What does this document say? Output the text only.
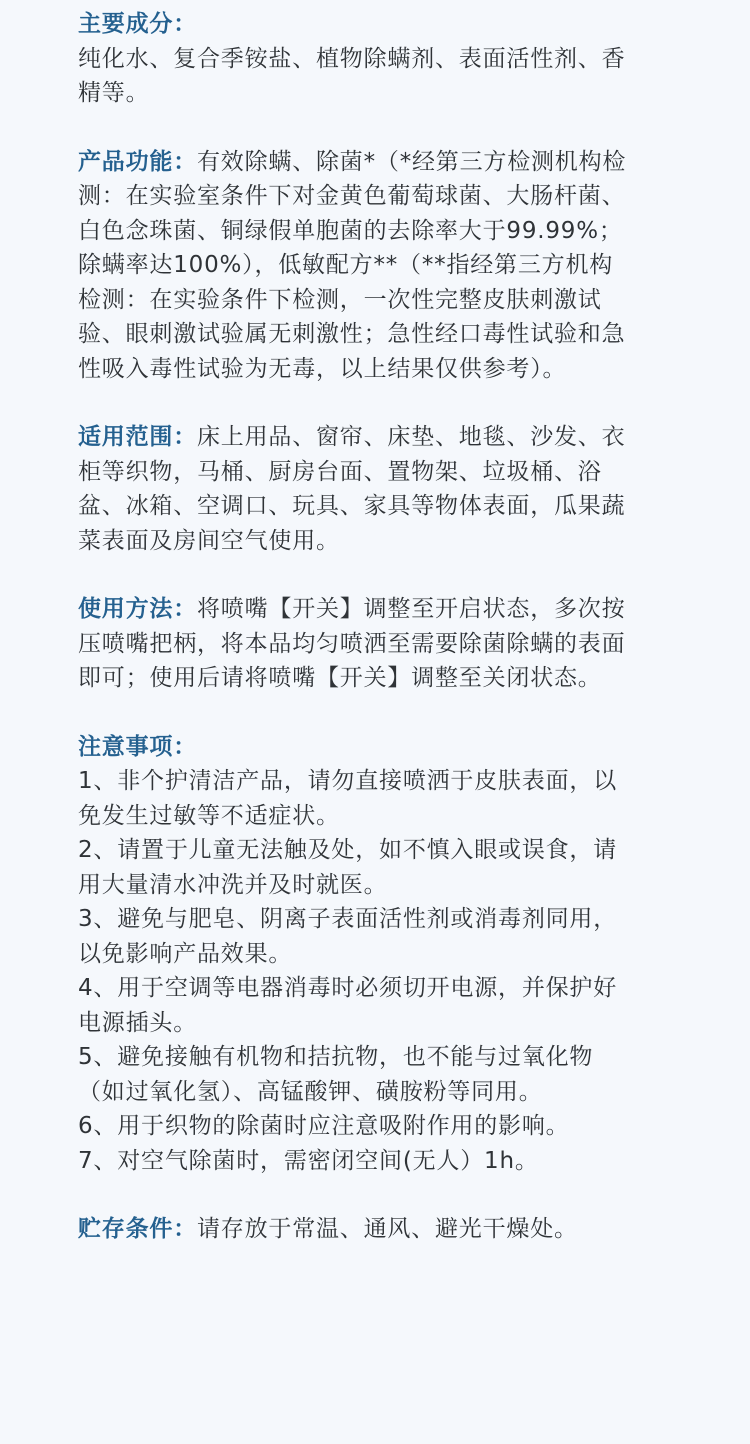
主要成分：
纯化水、复合季铵盐、植物除螨剂、表面活性剂、香
精等。
产品功能：有效除螨、除菌*（*经第三方检测机构检
测：在实验室条件下对金黄色葡萄球菌、大肠杆菌、
白色念珠菌、铜绿假单胞菌的去除率大于99.99%；
除螨率达100%），低敏配方**（**指经第三方机构
检测：在实验条件下检测，一次性完整皮肤刺激试
验、眼刺激试验属无刺激性；急性经口毒性试验和急
性吸入毒性试验为无毒，以上结果仅供参考）。
适用范围：床上用品、窗帘、床垫、地毯、沙发、衣
柜等织物，马桶、厨房台面、置物架、垃圾桶、浴
盆、冰箱、空调口、玩具、家具等物体表面，瓜果蔬
菜表面及房间空气使用。
使用方法：将喷嘴【开关】调整至开启状态，多次按
压喷嘴把柄，将本品均匀喷洒至需要除菌除螨的表面
即可；使用后请将喷嘴【开关】调整至关闭状态。
注意事项：
1、非个护清洁产品，请勿直接喷洒于皮肤表面，以
免发生过敏等不适症状。
2、请置于儿童无法触及处，如不慎入眼或误食，请
用大量清水冲洗并及时就医。
3、避免与肥皂、阴离子表面活性剂或消毒剂同用，
以免影响产品效果。
4、用于空调等电器消毒时必须切开电源，并保护好
电源插头。
5、避免接触有机物和拮抗物，也不能与过氧化物
（如过氧化氢）、高锰酸钾、磺胺粉等同用。
6、用于织物的除菌时应注意吸附作用的影响。
7、对空气除菌时，需密闭空间(无人）1h。
贮存条件：请存放于常温、通风、避光干燥处。
